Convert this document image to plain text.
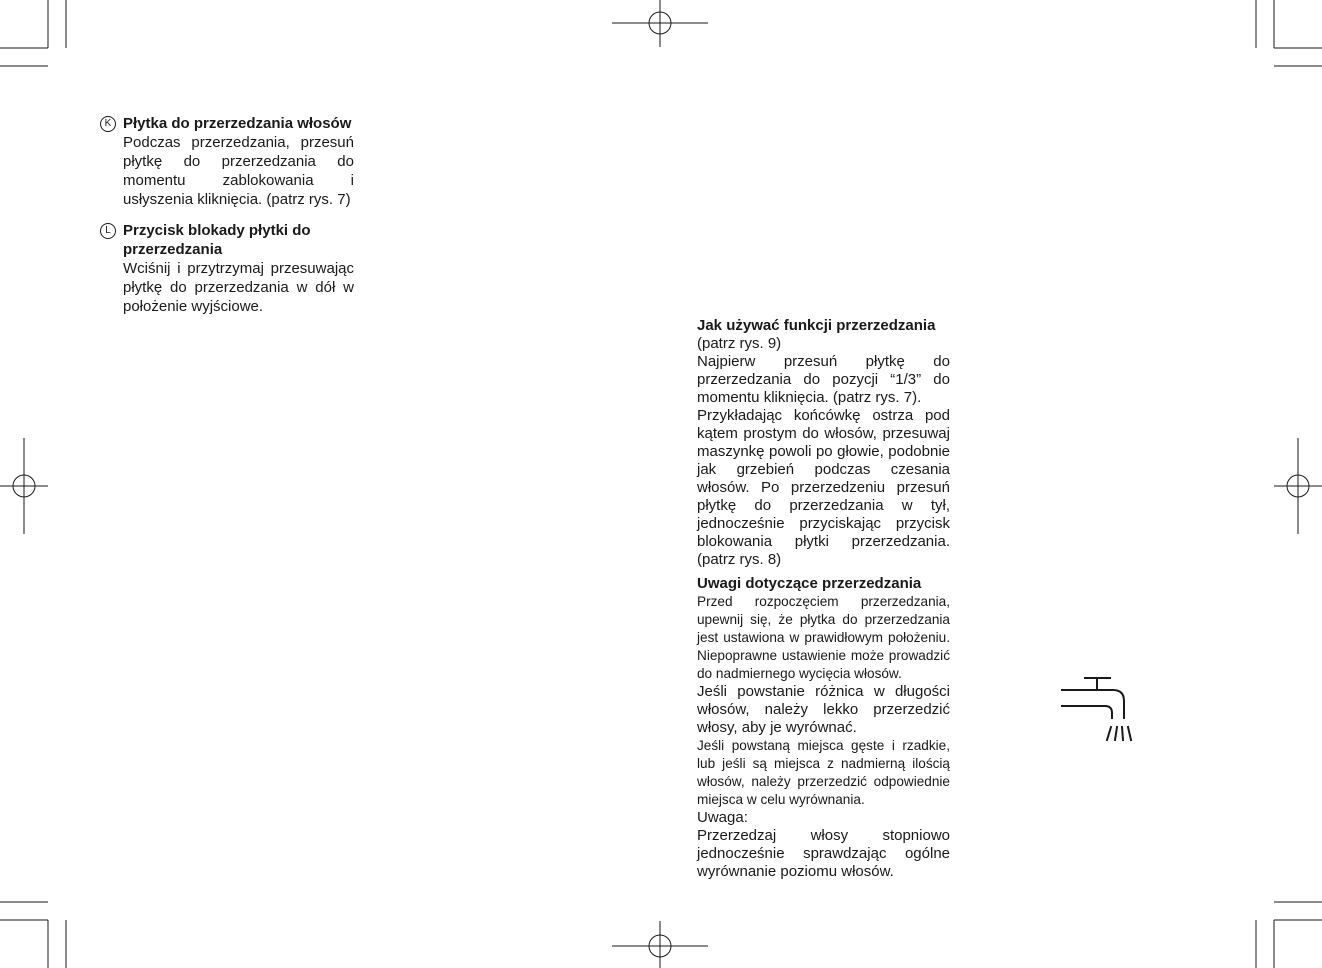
K Płytka do przerzedzania włosów
Podczas przerzedzania, przesuń płytkę do przerzedzania do momentu zablokowania i usłyszenia kliknięcia. (patrz rys. 7)
L Przycisk blokady płytki do przerzedzania
Wciśnij i przytrzymaj przesuwając płytkę do przerzedzania w dół w położenie wyjściowe.

Jak używać funkcji przerzedzania

(patrz rys. 9)

Najpierw przesuń płytkę do przerzedzania do pozycji “1/3” do momentu kliknięcia. (patrz rys. 7).

Przykładając końcówkę ostrza pod kątem prostym do włosów, przesuwaj maszynkę powoli po głowie, podobnie jak grzebień podczas czesania włosów. Po przerzedzeniu przesuń płytkę do przerzedzania w tył, jednocześnie przyciskając przycisk blokowania płytki przerzedzania. (patrz rys. 8)

Uwagi dotyczące przerzedzania

Przed rozpoczęciem przerzedzania, upewnij się, że płytka do przerzedzania jest ustawiona w prawidłowym położeniu. Niepoprawne ustawienie może prowadzić do nadmiernego wycięcia włosów.

Jeśli powstanie różnica w długości włosów, należy lekko przerzedzić włosy, aby je wyrównać.

Jeśli powstaną miejsca gęste i rzadkie, lub jeśli są miejsca z nadmierną ilością włosów, należy przerzedzić odpowiednie miejsca w celu wyrównania.

Uwaga:

Przerzedzaj włosy stopniowo jednocześnie sprawdzając ogólne wyrównanie poziomu włosów.
